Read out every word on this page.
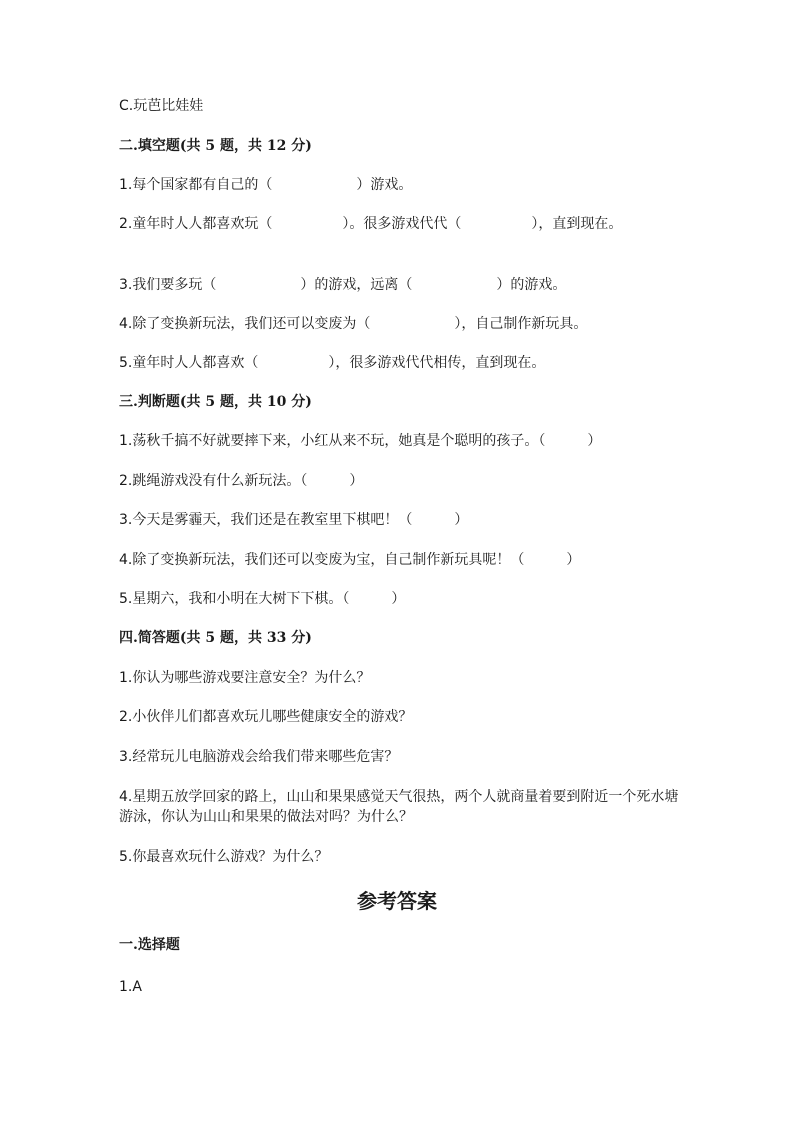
C.玩芭比娃娃
二.填空题(共 5 题，共 12 分)
1.每个国家都有自己的（　　　　　　）游戏。
2.童年时人人都喜欢玩（　　　　　）。很多游戏代代（　　　　　），直到现在。
3.我们要多玩（　　　　　　）的游戏，远离（　　　　　　）的游戏。
4.除了变换新玩法，我们还可以变废为（　　　　　　），自己制作新玩具。
5.童年时人人都喜欢（　　　　　），很多游戏代代相传，直到现在。
三.判断题(共 5 题，共 10 分)
1.荡秋千搞不好就要摔下来，小红从来不玩，她真是个聪明的孩子。（　　　）
2.跳绳游戏没有什么新玩法。（　　　）
3.今天是雾霾天，我们还是在教室里下棋吧！（　　　）
4.除了变换新玩法，我们还可以变废为宝，自己制作新玩具呢！（　　　）
5.星期六，我和小明在大树下下棋。（　　　）
四.简答题(共 5 题，共 33 分)
1.你认为哪些游戏要注意安全？为什么？
2.小伙伴儿们都喜欢玩儿哪些健康安全的游戏？
3.经常玩儿电脑游戏会给我们带来哪些危害？
4.星期五放学回家的路上，山山和果果感觉天气很热，两个人就商量着要到附近一个死水塘游泳，你认为山山和果果的做法对吗？为什么？
5.你最喜欢玩什么游戏？为什么？
参考答案
一.选择题
1.A
